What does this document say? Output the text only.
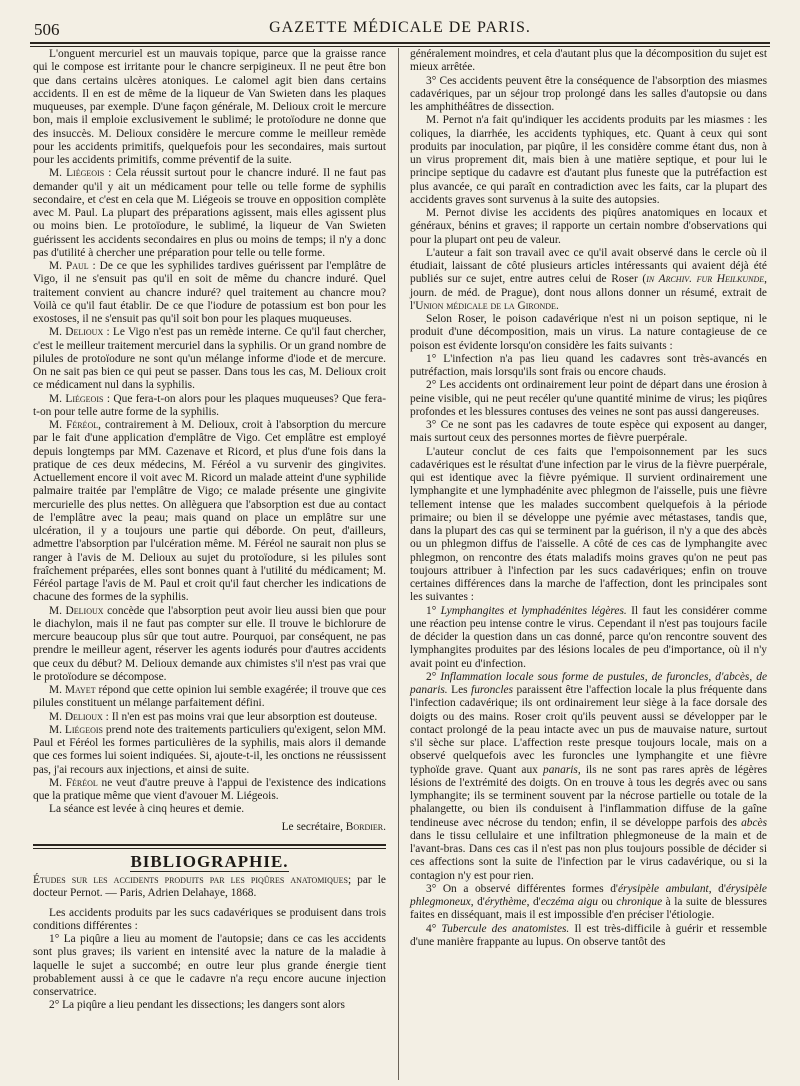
506	GAZETTE MÉDICALE DE PARIS.

L'onguent mercuriel est un mauvais topique, parce que la graisse rance qui le compose est irritante pour le chancre serpigineux. Il ne peut être bon que dans certains ulcères atoniques. Le calomel agit bien dans certains accidents. Il en est de même de la liqueur de Van Swieten dans les plaques muqueuses, par exemple. D'une façon générale, M. Delioux croit le mercure bon, mais il emploie exclusivement le sublimé; le protoïodure ne donne que des insuccès. M. Delioux considère le mercure comme le meilleur remède pour les accidents primitifs, quelquefois pour les secondaires, mais surtout pour les accidents primitifs, comme préventif de la suite.

M. Liégeois : Cela réussit surtout pour le chancre induré. Il ne faut pas demander qu'il y ait un médicament pour telle ou telle forme de syphilis secondaire, et c'est en cela que M. Liégeois se trouve en opposition complète avec M. Paul. La plupart des préparations agissent, mais elles agissent plus ou moins bien. Le protoïodure, le sublimé, la liqueur de Van Swieten guérissent les accidents secondaires en plus ou moins de temps; il n'y a donc pas d'utilité à chercher une préparation pour telle ou telle forme.

M. Paul : De ce que les syphilides tardives guérissent par l'emplâtre de Vigo, il ne s'ensuit pas qu'il en soit de même du chancre induré. Quel traitement convient au chancre induré? quel traitement au chancre mou? Voilà ce qu'il faut établir. De ce que l'iodure de potassium est bon pour les exostoses, il ne s'ensuit pas qu'il soit bon pour les plaques muqueuses.

M. Delioux : Le Vigo n'est pas un remède interne. Ce qu'il faut chercher, c'est le meilleur traitement mercuriel dans la syphilis. Or un grand nombre de pilules de protoïodure ne sont qu'un mélange informe d'iode et de mercure. On ne sait pas bien ce qui peut se passer. Dans tous les cas, M. Delioux croit ce médicament nul dans la syphilis.

M. Liégeois : Que fera-t-on alors pour les plaques muqueuses? Que fera-t-on pour telle autre forme de la syphilis.

M. Féréol, contrairement à M. Delioux, croit à l'absorption du mercure par le fait d'une application d'emplâtre de Vigo. Cet emplâtre est employé depuis longtemps par MM. Cazenave et Ricord, et plus d'une fois dans la pratique de ces deux médecins, M. Féréol a vu survenir des gingivites. Actuellement encore il voit avec M. Ricord un malade atteint d'une syphilide palmaire traitée par l'emplâtre de Vigo; ce malade présente une gingivite mercurielle des plus nettes. On allèguera que l'absorption est due au contact de l'emplâtre avec la peau; mais quand on place un emplâtre sur une ulcération, il y a toujours une partie qui déborde. On peut, d'ailleurs, admettre l'absorption par l'ulcération même. M. Féréol ne saurait non plus se ranger à l'avis de M. Delioux au sujet du protoïodure, si les pilules sont fraîchement préparées, elles sont bonnes quant à l'utilité du médicament; M. Féréol partage l'avis de M. Paul et croit qu'il faut chercher les indications de chacune des formes de la syphilis.

M. Delioux concède que l'absorption peut avoir lieu aussi bien que pour le diachylon, mais il ne faut pas compter sur elle. Il trouve le bichlorure de mercure beaucoup plus sûr que tout autre. Pourquoi, par conséquent, ne pas prendre le meilleur agent, réserver les agents iodurés pour d'autres accidents que ceux du début? M. Delioux demande aux chimistes s'il n'est pas vrai que le protoïodure se décompose.

M. Mayet répond que cette opinion lui semble exagérée; il trouve que ces pilules constituent un mélange parfaitement défini.

M. Delioux : Il n'en est pas moins vrai que leur absorption est douteuse.

M. Liégeois prend note des traitements particuliers qu'exigent, selon MM. Paul et Féréol les formes particulières de la syphilis, mais alors il demande que ces formes lui soient indiquées. Si, ajoute-t-il, les onctions ne réussissent pas, j'ai recours aux injections, et ainsi de suite.

M. Féréol ne veut d'autre preuve à l'appui de l'existence des indications que la pratique même que vient d'avouer M. Liégeois.

La séance est levée à cinq heures et demie.

Le secrétaire, Bordier.
BIBLIOGRAPHIE.

Études sur les accidents produits par les piqûres anatomiques; par le docteur Pernot. — Paris, Adrien Delahaye, 1868.

Les accidents produits par les sucs cadavériques se produisent dans trois conditions différentes :

1° La piqûre a lieu au moment de l'autopsie; dans ce cas les accidents sont plus graves; ils varient en intensité avec la nature de la maladie à laquelle le sujet a succombé; en outre leur plus grande énergie tient probablement aussi à ce que le cadavre n'a reçu encore aucune injection conservatrice.

2° La piqûre a lieu pendant les dissections; les dangers sont alors

généralement moindres, et cela d'autant plus que la décomposition du sujet est mieux arrêtée.

3° Ces accidents peuvent être la conséquence de l'absorption des miasmes cadavériques, par un séjour trop prolongé dans les salles d'autopsie ou dans les amphithéâtres de dissection.

M. Pernot n'a fait qu'indiquer les accidents produits par les miasmes : les coliques, la diarrhée, les accidents typhiques, etc. Quant à ceux qui sont produits par inoculation, par piqûre, il les considère comme étant dus, non à un virus proprement dit, mais bien à une matière septique, et pour lui le principe septique du cadavre est d'autant plus funeste que la putréfaction est plus avancée, ce qui paraît en contradiction avec les faits, car la plupart des accidents graves sont survenus à la suite des autopsies.

M. Pernot divise les accidents des piqûres anatomiques en locaux et généraux, bénins et graves; il rapporte un certain nombre d'observations qui pour la plupart ont peu de valeur.

L'auteur a fait son travail avec ce qu'il avait observé dans le cercle où il étudiait, laissant de côté plusieurs articles intéressants qui avaient déjà été publiés sur ce sujet, entre autres celui de Roser (in Archiv. fur Heilkunde, journ. de méd. de Prague), dont nous allons donner un résumé, extrait de l'Union médicale de la Gironde.

Selon Roser, le poison cadavérique n'est ni un poison septique, ni le produit d'une décomposition, mais un virus. La nature contagieuse de ce poison est évidente lorsqu'on considère les faits suivants :

1° L'infection n'a pas lieu quand les cadavres sont très-avancés en putréfaction, mais lorsqu'ils sont frais ou encore chauds.

2° Les accidents ont ordinairement leur point de départ dans une érosion à peine visible, qui ne peut recéler qu'une quantité minime de virus; les piqûres profondes et les blessures contuses des veines ne sont pas aussi dangereuses.

3° Ce ne sont pas les cadavres de toute espèce qui exposent au danger, mais surtout ceux des personnes mortes de fièvre puerpérale.

L'auteur conclut de ces faits que l'empoisonnement par les sucs cadavériques est le résultat d'une infection par le virus de la fièvre puerpérale, qui est identique avec la fièvre pyémique. Il survient ordinairement une lymphangite et une lymphadénite avec phlegmon de l'aisselle, puis une fièvre tellement intense que les malades succombent quelquefois à la période primaire; ou bien il se développe une pyémie avec métastases, tandis que, dans la plupart des cas qui se terminent par la guérison, il n'y a que des abcès ou un phlegmon diffus de l'aisselle. A côté de ces cas de lymphangite avec phlegmon, on rencontre des états maladifs moins graves qu'on ne peut pas toujours attribuer à l'infection par les sucs cadavériques; enfin on trouve certaines différences dans la marche de l'affection, dont les principales sont les suivantes :

1° Lymphangites et lymphadénites légères. Il faut les considérer comme une réaction peu intense contre le virus. Cependant il n'est pas toujours facile de décider la question dans un cas donné, parce qu'on rencontre souvent des lymphangites produites par des lésions locales de peu d'importance, où il n'y avait point eu d'infection.

2° Inflammation locale sous forme de pustules, de furoncles, d'abcès, de panaris. Les furoncles paraissent être l'affection locale la plus fréquente dans l'infection cadavérique; ils ont ordinairement leur siège à la face dorsale des doigts ou des mains. Roser croit qu'ils peuvent aussi se développer par le contact prolongé de la peau intacte avec un pus de mauvaise nature, surtout s'il sèche sur place. L'affection reste presque toujours locale, mais on a observé quelquefois avec les furoncles une lymphangite et une fièvre typhoïde grave. Quant aux panaris, ils ne sont pas rares après de légères lésions de l'extrémité des doigts. On en trouve à tous les degrés avec ou sans lymphangite; ils se terminent souvent par la nécrose partielle ou totale de la phalangette, ou bien ils conduisent à l'inflammation diffuse de la gaîne tendineuse avec nécrose du tendon; enfin, il se développe parfois des abcès dans le tissu cellulaire et une infiltration phlegmoneuse de la main et de l'avant-bras. Dans ces cas il n'est pas non plus toujours possible de décider si ces affections sont la suite de l'infection par le virus cadavérique, ou si la contagion n'y est pour rien.

3° On a observé différentes formes d'érysipèle ambulant, d'érysipèle phlegmoneux, d'érythème, d'eczéma aigu ou chronique à la suite de blessures faites en disséquant, mais il est impossible d'en préciser l'étiologie.

4° Tubercule des anatomistes. Il est très-difficile à guérir et ressemble d'une manière frappante au lupus. On observe tantôt des
